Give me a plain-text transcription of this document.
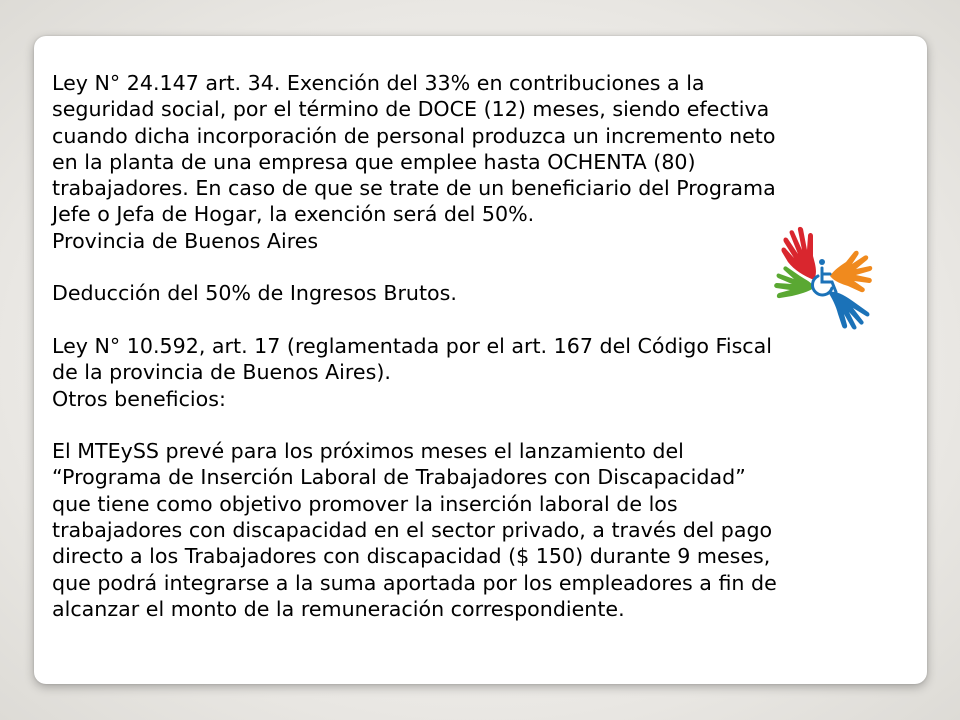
Ley N° 24.147 art. 34. Exención del 33% en contribuciones a la
seguridad social, por el término de DOCE (12) meses, siendo efectiva
cuando dicha incorporación de personal produzca un incremento neto
en la planta de una empresa que emplee hasta OCHENTA (80)
trabajadores. En caso de que se trate de un beneficiario del Programa
Jefe o Jefa de Hogar, la exención será del 50%.
Provincia de Buenos Aires
Deducción del 50% de Ingresos Brutos.
Ley N° 10.592, art. 17 (reglamentada por el art. 167 del Código Fiscal
de la provincia de Buenos Aires).
Otros beneficios:
El MTEySS prevé para los próximos meses el lanzamiento del
“Programa de Inserción Laboral de Trabajadores con Discapacidad”
que tiene como objetivo promover la inserción laboral de los
trabajadores con discapacidad en el sector privado, a través del pago
directo a los Trabajadores con discapacidad ($ 150) durante 9 meses,
que podrá integrarse a la suma aportada por los empleadores a fin de
alcanzar el monto de la remuneración correspondiente.
